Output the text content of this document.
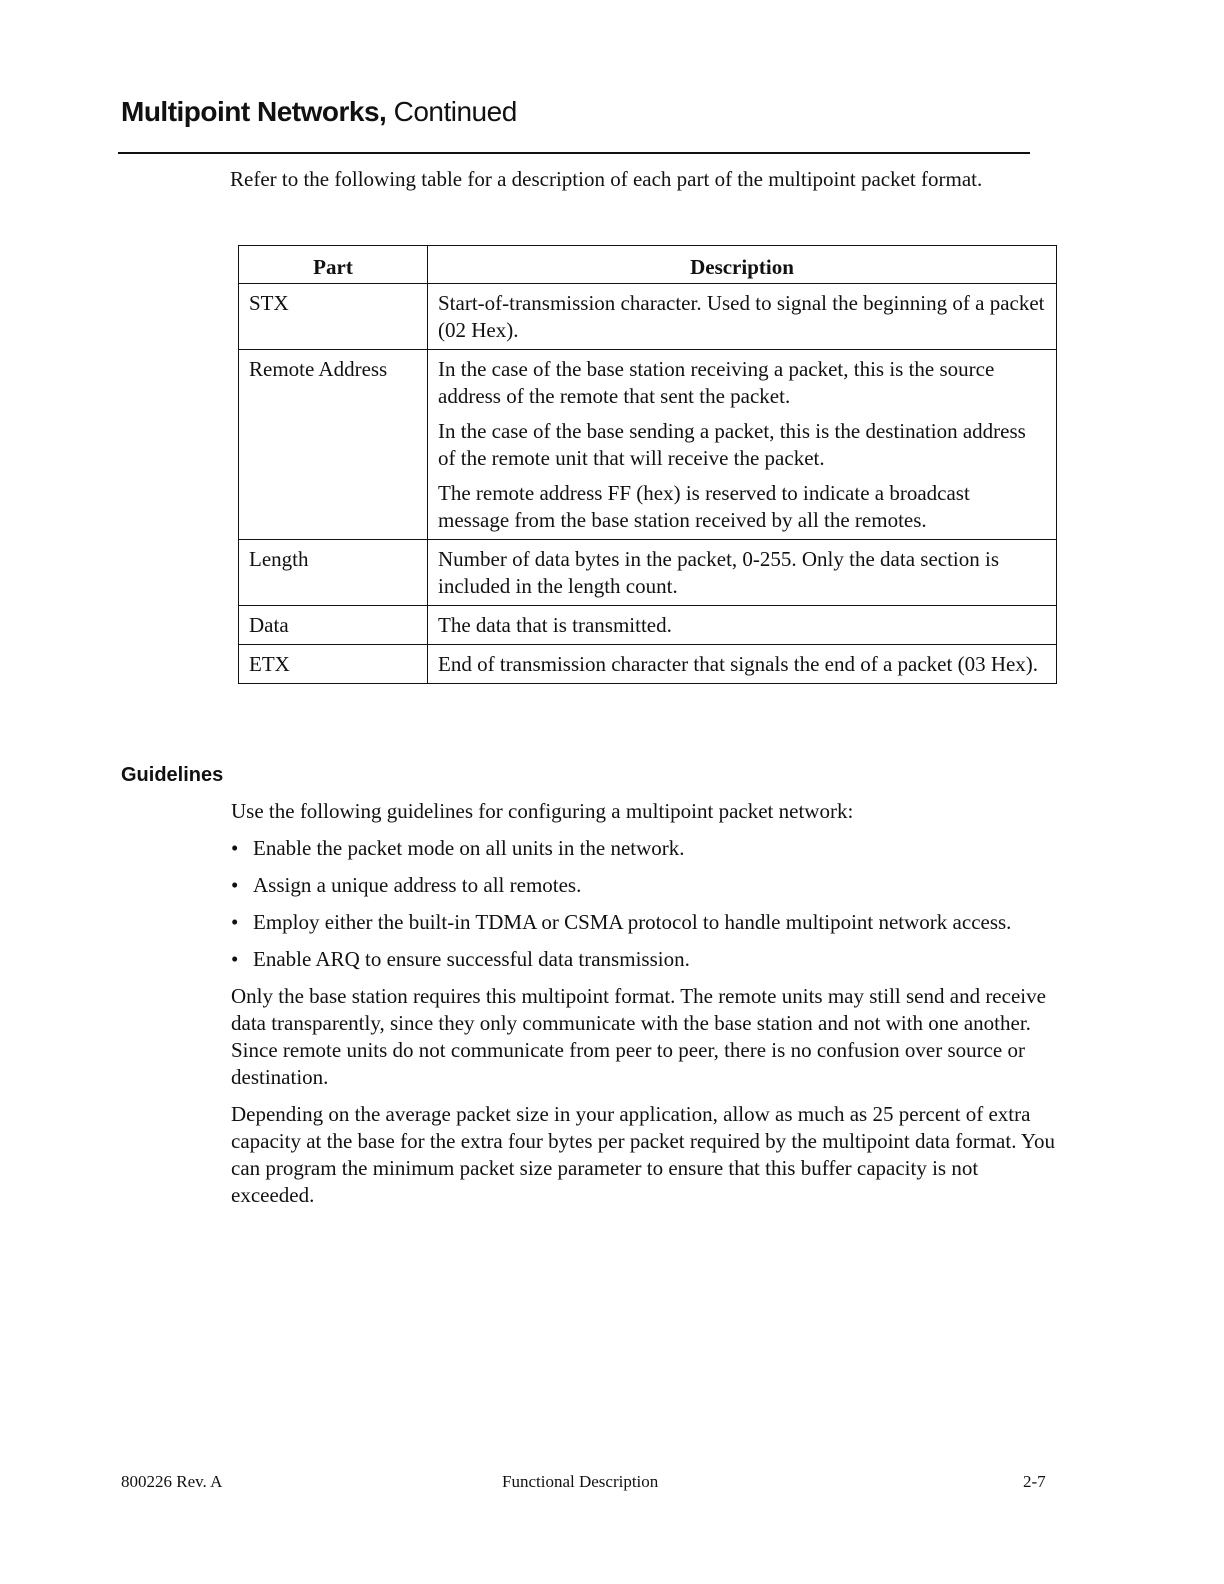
Multipoint Networks, Continued

Refer to the following table for a description of each part of the multipoint packet format.

Part	Description
STX	Start-of-transmission character. Used to signal the beginning of a packet (02 Hex).

Remote Address	In the case of the base station receiving a packet, this is the source address of the remote that sent the packet.

In the case of the base sending a packet, this is the destination address of the remote unit that will receive the packet.

The remote address FF (hex) is reserved to indicate a broadcast message from the base station received by all the remotes.

Length	Number of data bytes in the packet, 0-255. Only the data section is included in the length count.

Data	The data that is transmitted.

ETX	End of transmission character that signals the end of a packet (03 Hex).

Guidelines

Use the following guidelines for configuring a multipoint packet network:

• Enable the packet mode on all units in the network.
• Assign a unique address to all remotes.
• Employ either the built-in TDMA or CSMA protocol to handle multipoint network access.
• Enable ARQ to ensure successful data transmission.

Only the base station requires this multipoint format. The remote units may still send and receive data transparently, since they only communicate with the base station and not with one another. Since remote units do not communicate from peer to peer, there is no confusion over source or destination.

Depending on the average packet size in your application, allow as much as 25 percent of extra capacity at the base for the extra four bytes per packet required by the multipoint data format. You can program the minimum packet size parameter to ensure that this buffer capacity is not exceeded.

800226 Rev. A	Functional Description	2-7
